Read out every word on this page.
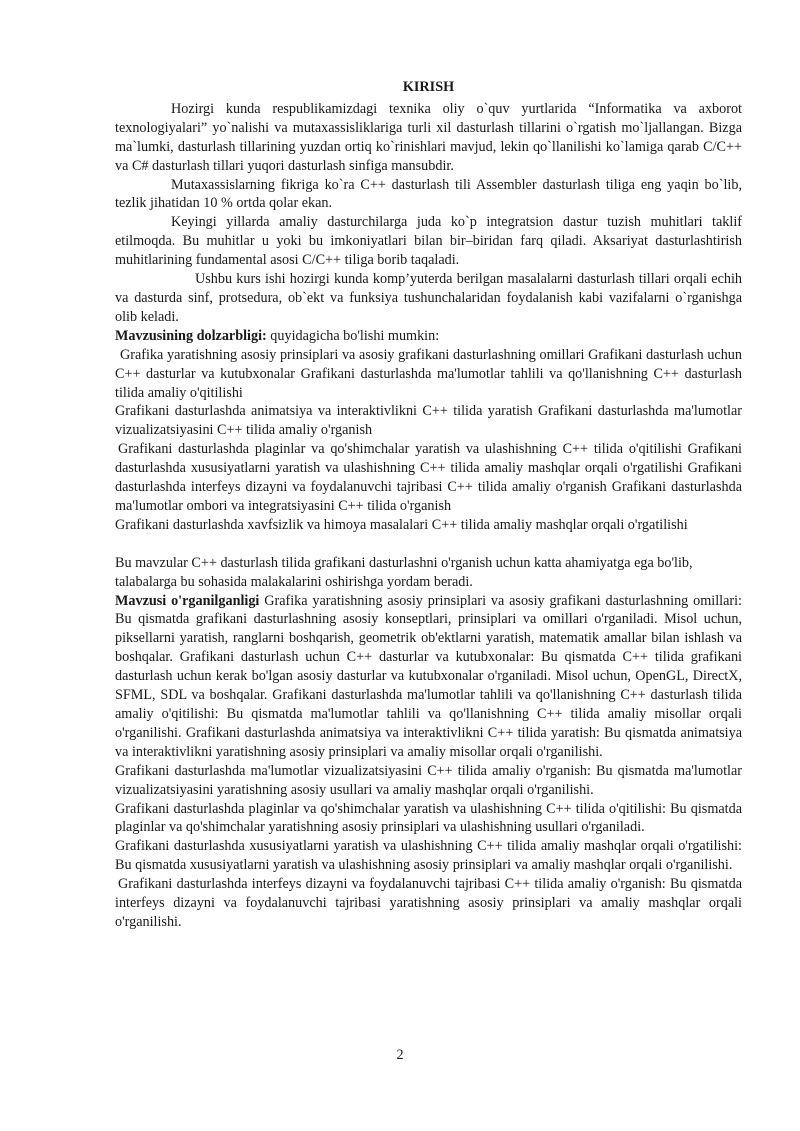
KIRISH

Hozirgi kunda respublikamizdagi texnika oliy o`quv yurtlarida “Informatika va axborot texnologiyalari” yo`nalishi va mutaxassisliklariga turli xil dasturlash tillarini o`rgatish mo`ljallangan. Bizga ma`lumki, dasturlash tillarining yuzdan ortiq ko`rinishlari mavjud, lekin qo`llanilishi ko`lamiga qarab C/C++ va C# dasturlash tillari yuqori dasturlash sinfiga mansubdir.

Mutaxassislarning fikriga ko`ra C++ dasturlash tili Assembler dasturlash tiliga eng yaqin bo`lib, tezlik jihatidan 10 % ortda qolar ekan.

Keyingi yillarda amaliy dasturchilarga juda ko`p integratsion dastur tuzish muhitlari taklif etilmoqda. Bu muhitlar u yoki bu imkoniyatlari bilan bir–biridan farq qiladi. Aksariyat dasturlashtirish muhitlarining fundamental asosi C/C++ tiliga borib taqaladi.

Ushbu kurs ishi hozirgi kunda komp’yuterda berilgan masalalarni dasturlash tillari orqali echih va dasturda sinf, protsedura, ob`ekt va funksiya tushunchalaridan foydalanish kabi vazifalarni o`rganishga olib keladi.

Mavzusining dolzarbligi: quyidagicha bo'lishi mumkin:

Grafika yaratishning asosiy prinsiplari va asosiy grafikani dasturlashning omillari Grafikani dasturlash uchun C++ dasturlar va kutubxonalar Grafikani dasturlashda ma'lumotlar tahlili va qo'llanishning C++ dasturlash tilida amaliy o'qitilishi

Grafikani dasturlashda animatsiya va interaktivlikni C++ tilida yaratish Grafikani dasturlashda ma'lumotlar vizualizatsiyasini C++ tilida amaliy o'rganish

Grafikani dasturlashda plaginlar va qo'shimchalar yaratish va ulashishning C++ tilida o'qitilishi Grafikani dasturlashda xususiyatlarni yaratish va ulashishning C++ tilida amaliy mashqlar orqali o'rgatilishi Grafikani dasturlashda interfeys dizayni va foydalanuvchi tajribasi C++ tilida amaliy o'rganish Grafikani dasturlashda ma'lumotlar ombori va integratsiyasini C++ tilida o'rganish

Grafikani dasturlashda xavfsizlik va himoya masalalari C++ tilida amaliy mashqlar orqali o'rgatilishi

Bu mavzular C++ dasturlash tilida grafikani dasturlashni o'rganish uchun katta ahamiyatga ega bo'lib, talabalarga bu sohasida malakalarini oshirishga yordam beradi.

Mavzusi o'rganilganligi Grafika yaratishning asosiy prinsiplari va asosiy grafikani dasturlashning omillari: Bu qismatda grafikani dasturlashning asosiy konseptlari, prinsiplari va omillari o'rganiladi. Misol uchun, piksellarni yaratish, ranglarni boshqarish, geometrik ob'ektlarni yaratish, matematik amallar bilan ishlash va boshqalar. Grafikani dasturlash uchun C++ dasturlar va kutubxonalar: Bu qismatda C++ tilida grafikani dasturlash uchun kerak bo'lgan asosiy dasturlar va kutubxonalar o'rganiladi. Misol uchun, OpenGL, DirectX, SFML, SDL va boshqalar. Grafikani dasturlashda ma'lumotlar tahlili va qo'llanishning C++ dasturlash tilida amaliy o'qitilishi: Bu qismatda ma'lumotlar tahlili va qo'llanishning C++ tilida amaliy misollar orqali o'rganilishi. Grafikani dasturlashda animatsiya va interaktivlikni C++ tilida yaratish: Bu qismatda animatsiya va interaktivlikni yaratishning asosiy prinsiplari va amaliy misollar orqali o'rganilishi.

Grafikani dasturlashda ma'lumotlar vizualizatsiyasini C++ tilida amaliy o'rganish: Bu qismatda ma'lumotlar vizualizatsiyasini yaratishning asosiy usullari va amaliy mashqlar orqali o'rganilishi.

Grafikani dasturlashda plaginlar va qo'shimchalar yaratish va ulashishning C++ tilida o'qitilishi: Bu qismatda plaginlar va qo'shimchalar yaratishning asosiy prinsiplari va ulashishning usullari o'rganiladi.

Grafikani dasturlashda xususiyatlarni yaratish va ulashishning C++ tilida amaliy mashqlar orqali o'rgatilishi: Bu qismatda xususiyatlarni yaratish va ulashishning asosiy prinsiplari va amaliy mashqlar orqali o'rganilishi.

Grafikani dasturlashda interfeys dizayni va foydalanuvchi tajribasi C++ tilida amaliy o'rganish: Bu qismatda interfeys dizayni va foydalanuvchi tajribasi yaratishning asosiy prinsiplari va amaliy mashqlar orqali o'rganilishi.

2
